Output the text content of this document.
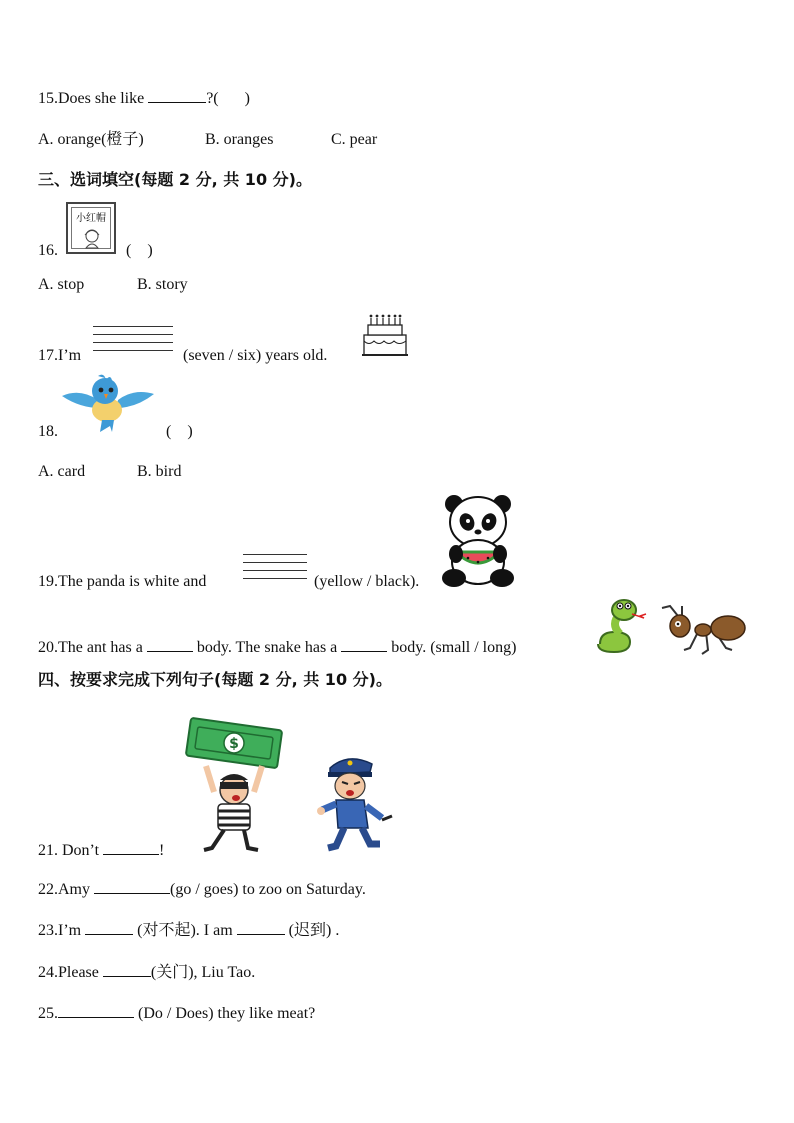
15.Does she like	?( )
A. orange(橙子)	B. oranges	C. pear
三、选词填空(每题 2 分, 共 10 分)。
16.
小红帽
(    )
A. stop	B. story
17.I’m	(seven / six) years old.
18.	(    )
A. card	B. bird
19.The panda is white and	(yellow / black).
20.The ant has a	body. The snake has a	body. (small / long)
四、按要求完成下列句子(每题 2 分, 共 10 分)。
$
21. Don’t	!
22.Amy	(go / goes) to zoo on Saturday.
23.I’m	(对不起). I am	(迟到) .
24.Please	(关门), Liu Tao.
25.	(Do / Does) they like meat?
